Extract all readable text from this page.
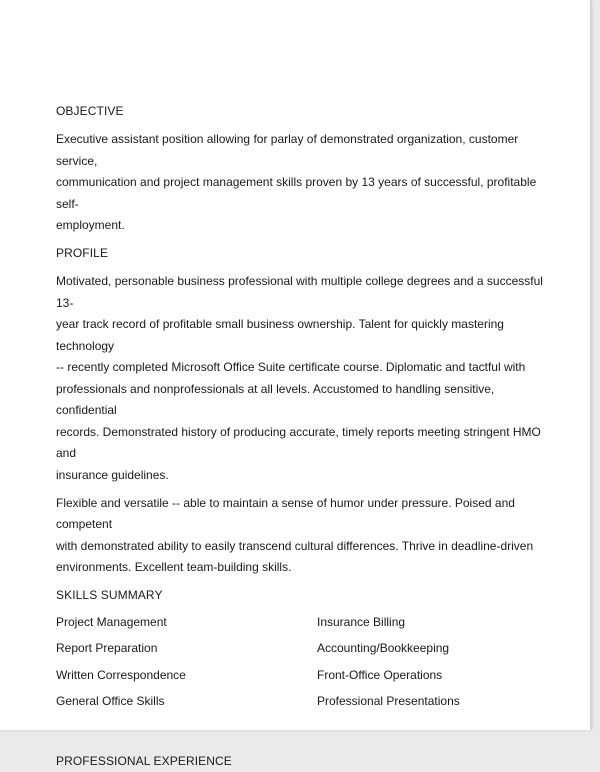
OBJECTIVE
Executive assistant position allowing for parlay of demonstrated organization, customer service,
communication and project management skills proven by 13 years of successful, profitable self-
employment.
PROFILE
Motivated, personable business professional with multiple college degrees and a successful 13-
year track record of profitable small business ownership. Talent for quickly mastering technology
-- recently completed Microsoft Office Suite certificate course. Diplomatic and tactful with
professionals and nonprofessionals at all levels. Accustomed to handling sensitive, confidential
records. Demonstrated history of producing accurate, timely reports meeting stringent HMO and
insurance guidelines.
Flexible and versatile -- able to maintain a sense of humor under pressure. Poised and competent
with demonstrated ability to easily transcend cultural differences. Thrive in deadline-driven
environments. Excellent team-building skills.
SKILLS SUMMARY
Project Management	Insurance Billing
Report Preparation	Accounting/Bookkeeping
Written Correspondence	Front-Office Operations
General Office Skills	Professional Presentations
PROFESSIONAL EXPERIENCE
